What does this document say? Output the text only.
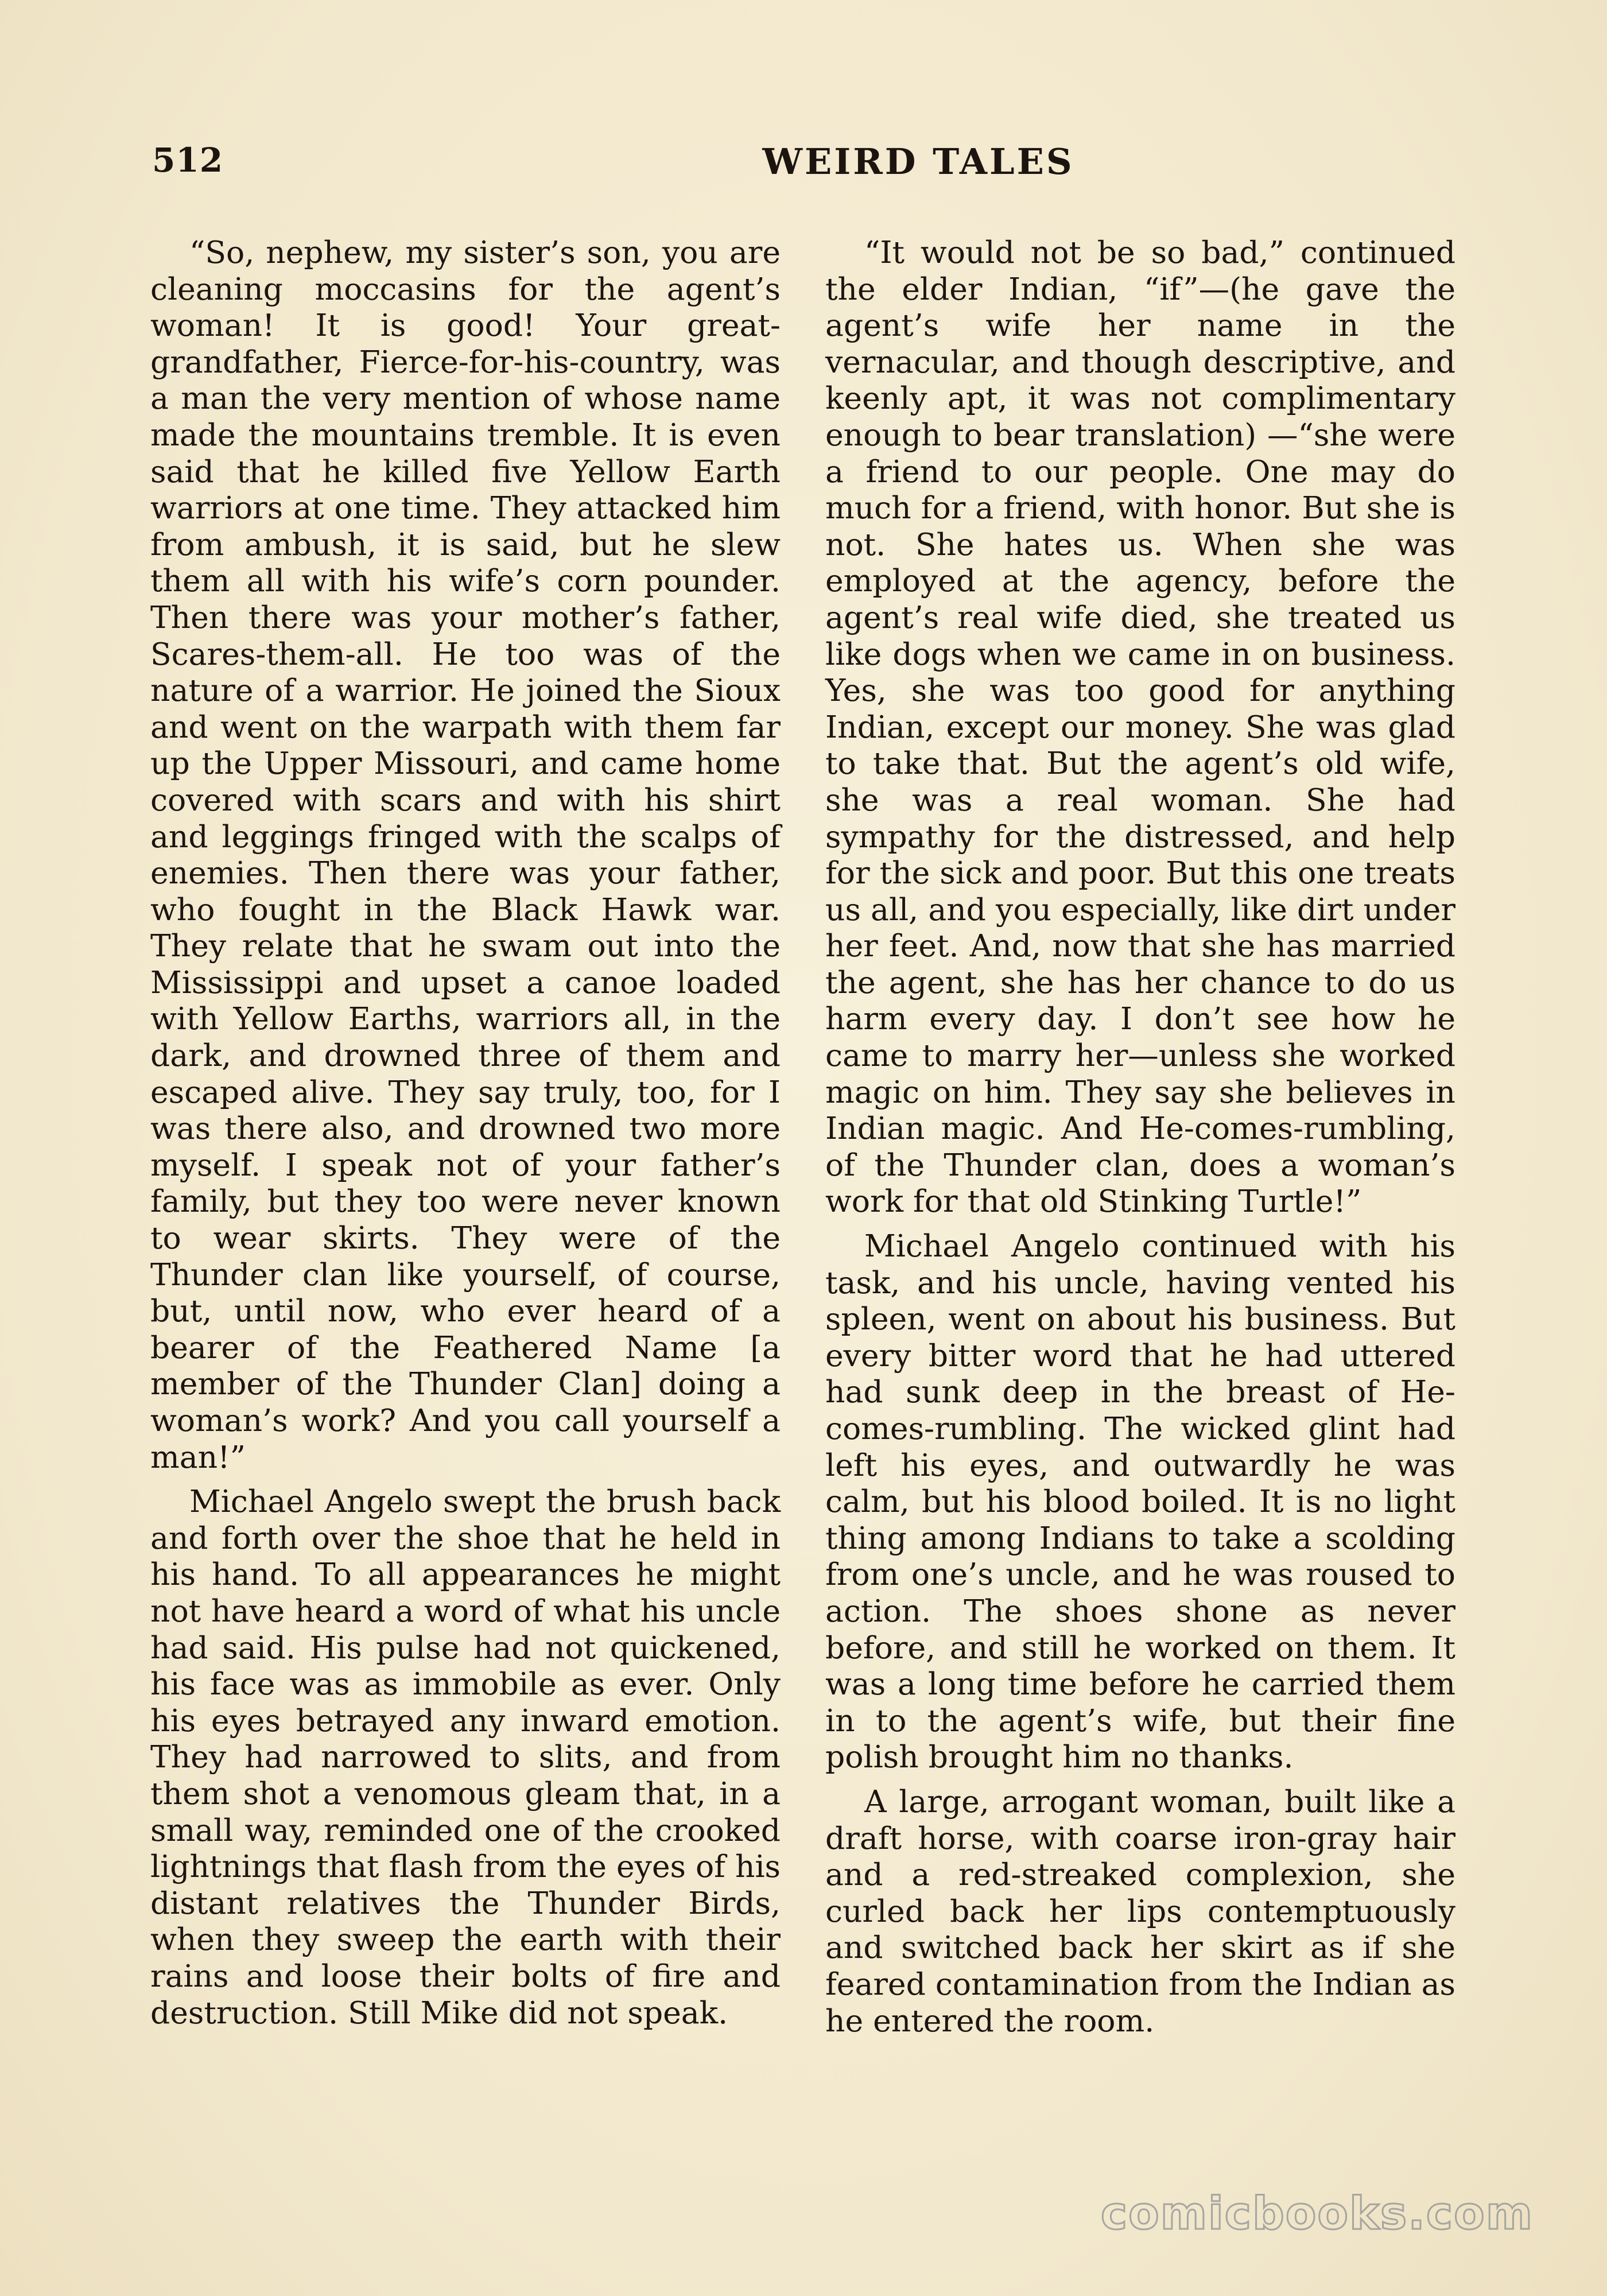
512	WEIRD TALES

“So, nephew, my sister’s son, you are cleaning moccasins for the agent’s woman! It is good! Your great-grandfather, Fierce-for-his-country, was a man the very mention of whose name made the mountains tremble. It is even said that he killed five Yellow Earth warriors at one time. They attacked him from ambush, it is said, but he slew them all with his wife’s corn pounder. Then there was your mother’s father, Scares-them-all. He too was of the nature of a warrior. He joined the Sioux and went on the warpath with them far up the Upper Missouri, and came home covered with scars and with his shirt and leggings fringed with the scalps of enemies. Then there was your father, who fought in the Black Hawk war. They relate that he swam out into the Mississippi and upset a canoe loaded with Yellow Earths, warriors all, in the dark, and drowned three of them and escaped alive. They say truly, too, for I was there also, and drowned two more myself. I speak not of your father’s family, but they too were never known to wear skirts. They were of the Thunder clan like yourself, of course, but, until now, who ever heard of a bearer of the Feathered Name [a member of the Thunder Clan] doing a woman’s work? And you call yourself a man!”

Michael Angelo swept the brush back and forth over the shoe that he held in his hand. To all appearances he might not have heard a word of what his uncle had said. His pulse had not quickened, his face was as immobile as ever. Only his eyes betrayed any inward emotion. They had narrowed to slits, and from them shot a venomous gleam that, in a small way, reminded one of the crooked lightnings that flash from the eyes of his distant relatives the Thunder Birds, when they sweep the earth with their rains and loose their bolts of fire and destruction. Still Mike did not speak.

“It would not be so bad,” continued the elder Indian, “if”—(he gave the agent’s wife her name in the vernacular, and though descriptive, and keenly apt, it was not complimentary enough to bear translation) —“she were a friend to our people. One may do much for a friend, with honor. But she is not. She hates us. When she was employed at the agency, before the agent’s real wife died, she treated us like dogs when we came in on business. Yes, she was too good for anything Indian, except our money. She was glad to take that. But the agent’s old wife, she was a real woman. She had sympathy for the distressed, and help for the sick and poor. But this one treats us all, and you especially, like dirt under her feet. And, now that she has married the agent, she has her chance to do us harm every day. I don’t see how he came to marry her—unless she worked magic on him. They say she believes in Indian magic. And He-comes-rumbling, of the Thunder clan, does a woman’s work for that old Stinking Turtle!”

Michael Angelo continued with his task, and his uncle, having vented his spleen, went on about his business. But every bitter word that he had uttered had sunk deep in the breast of He-comes-rumbling. The wicked glint had left his eyes, and outwardly he was calm, but his blood boiled. It is no light thing among Indians to take a scolding from one’s uncle, and he was roused to action. The shoes shone as never before, and still he worked on them. It was a long time before he carried them in to the agent’s wife, but their fine polish brought him no thanks.

A large, arrogant woman, built like a draft horse, with coarse iron-gray hair and a red-streaked complexion, she curled back her lips contemptuously and switched back her skirt as if she feared contamination from the Indian as he entered the room.

comicbooks.com
